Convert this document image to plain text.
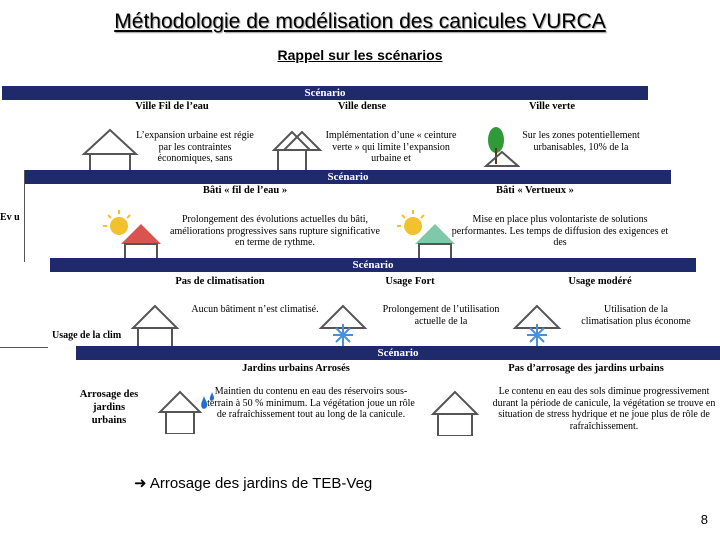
Méthodologie de modélisation des canicules VURCA
Rappel sur les scénarios
Scénario
Ville Fil de l’eau	Ville dense	Ville verte
L’expansion urbaine est régie par les contraintes économiques, sans
Implémentation d’une « ceinture verte » qui limite l’expansion urbaine et
Sur les zones potentiellement urbanisables, 10% de la
Scénario
Bâti « fil de l’eau »	Bâti « Vertueux »
Prolongement des évolutions actuelles du bâti, améliorations progressives sans rupture significative en terme de rythme.
Mise en place plus volontariste de solutions performantes. Les temps de diffusion des exigences et des
Ev u
Scénario
Pas de climatisation	Usage Fort	Usage modéré
Usage de la clim
Aucun bâtiment n’est climatisé.	Prolongement de l’utilisation actuelle de la
Utilisation de la climatisation plus économe
Scénario
Jardins urbains Arrosés	Pas d’arrosage des jardins urbains
Arrosage des jardins urbains
Maintien du contenu en eau des réservoirs sous-terrain à 50 % minimum. La végétation joue un rôle de rafraîchissement tout au long de la canicule.
Le contenu en eau des sols diminue progressivement durant la période de canicule, la végétation se trouve en situation de stress hydrique et ne joue plus de rôle de rafraîchissement.
➜ Arrosage des jardins de TEB-Veg
8
